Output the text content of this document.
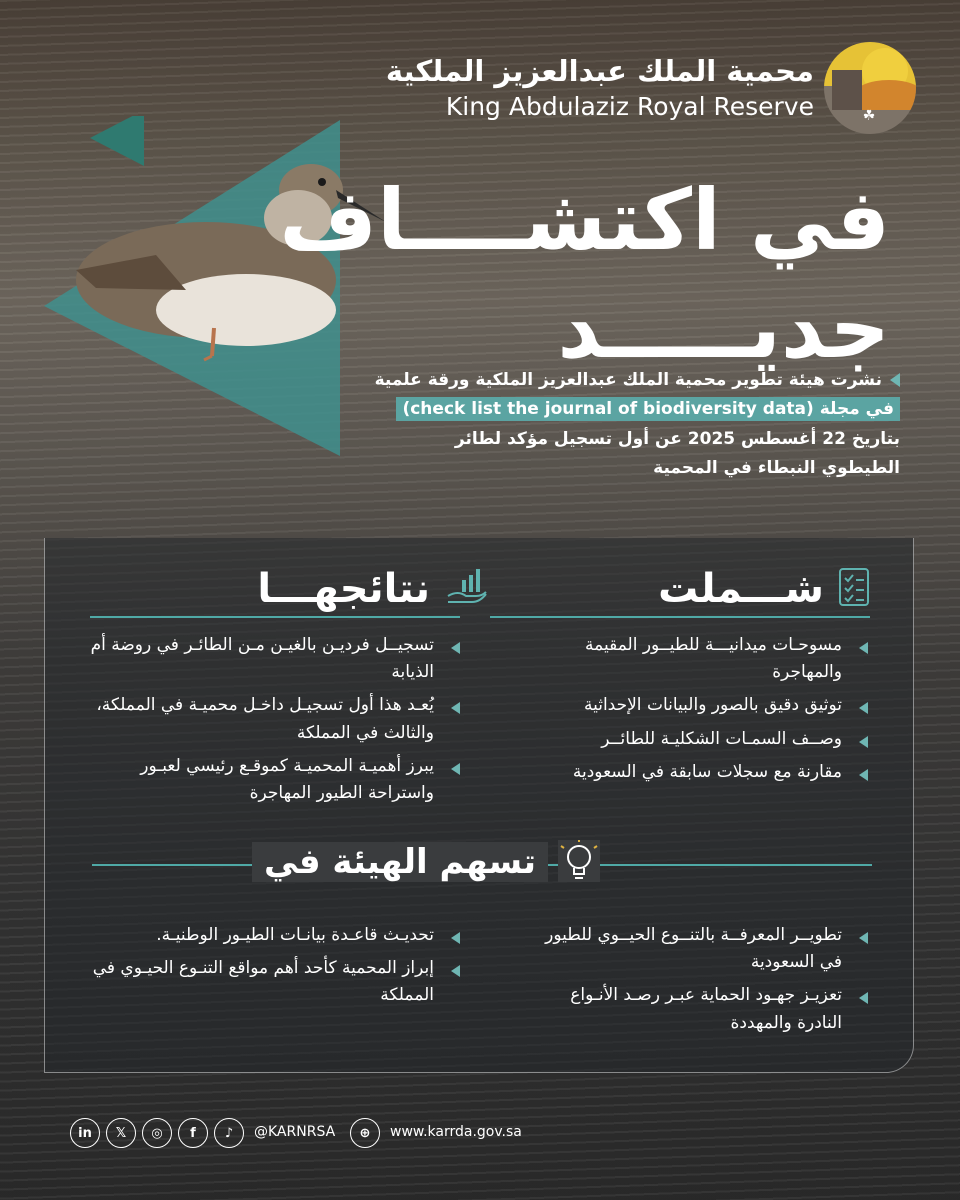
☘
محمية الملك عبدالعزيز الملكية
King Abdulaziz Royal Reserve
في اكتشــــاف
جديـــــد
نشرت هيئة تطوير محمية الملك عبدالعزيز الملكية ورقة علمية
في مجلة (check list the journal of biodiversity data)
بتاريخ 22 أغسطس 2025 عن أول تسجيل مؤكد لطائر
الطيطوي النبطاء في المحمية
شـــملت
مسوحـات ميدانيـــة للطيــور المقيمة والمهاجرة
توثيق دقيق بالصور والبيانات الإحداثية
وصــف السمـات الشكليـة للطائــر
مقارنة مع سجلات سابقة في السعودية
نتائجهـــا
تسجيــل فرديـن بالغيـن مـن الطائـر في روضة أم الذيابة
يُعـد هذا أول تسجيـل داخـل محميـة في المملكة، والثالث في المملكة
يبرز أهميـة المحميـة كموقـع رئيسي لعبـور واستراحة الطيور المهاجرة
تسهم الهيئة في
تطويــر المعرفــة بالتنــوع الحيــوي للطيور في السعودية
تعزيـز جهـود الحماية عبـر رصـد الأنـواع النادرة والمهددة
تحديـث قاعـدة بيانـات الطيـور الوطنيـة.
إبراز المحمية كأحد أهم مواقع التنـوع الحيـوي في المملكة
in	𝕏	◎	f	♪	@KARNRSA	⊕	www.karrda.gov.sa
